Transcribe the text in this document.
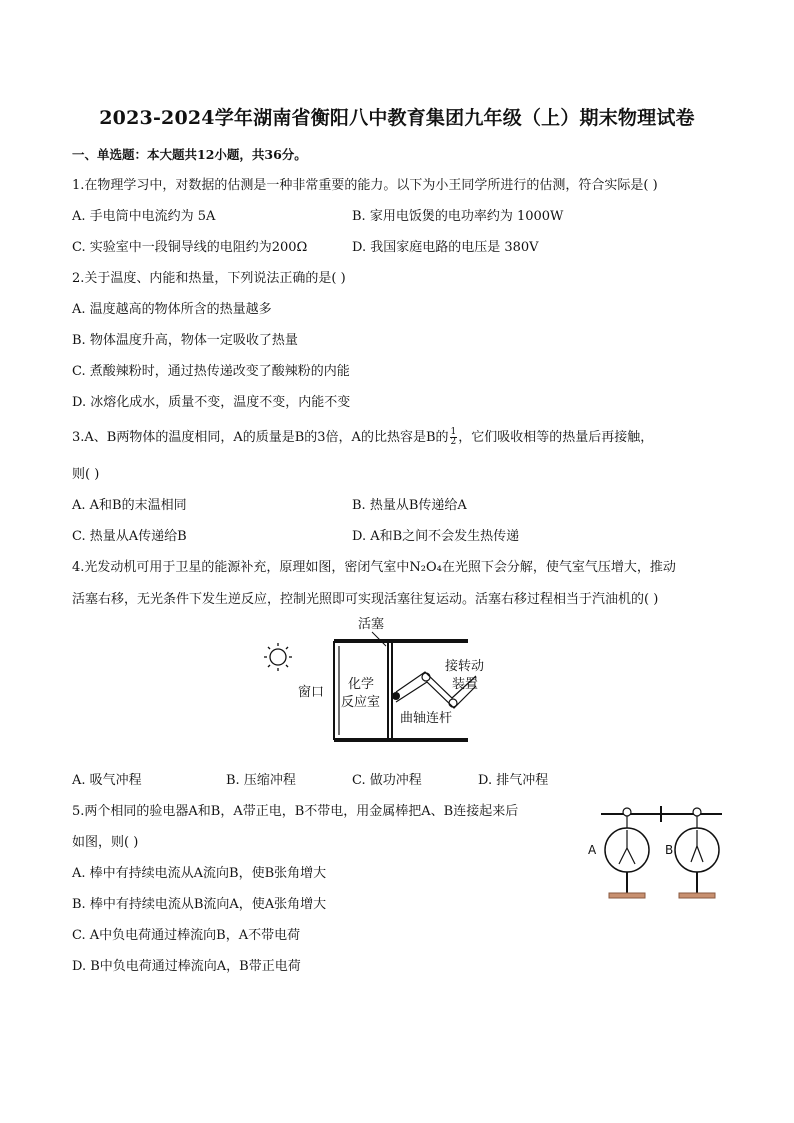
2023-2024学年湖南省衡阳八中教育集团九年级（上）期末物理试卷
一、单选题：本大题共12小题，共36分。
1.在物理学习中，对数据的估测是一种非常重要的能力。以下为小王同学所进行的估测，符合实际是( )
A. 手电筒中电流约为 5A	B. 家用电饭煲的电功率约为 1000W
C. 实验室中一段铜导线的电阻约为200Ω	D. 我国家庭电路的电压是 380V
2.关于温度、内能和热量，下列说法正确的是( )
A. 温度越高的物体所含的热量越多
B. 物体温度升高，物体一定吸收了热量
C. 煮酸辣粉时，通过热传递改变了酸辣粉的内能
D. 冰熔化成水，质量不变，温度不变，内能不变
3.A、B两物体的温度相同，A的质量是B的3倍，A的比热容是B的 $\frac{1}{2}$ ，它们吸收相等的热量后再接触，
则( )
A. A和B的末温相同	B. 热量从B传递给A
C. 热量从A传递给B	D. A和B之间不会发生热传递
4.光发动机可用于卫星的能源补充，原理如图，密闭气室中N₂O₄在光照下会分解，使气室气压增大，推动
活塞右移，无光条件下发生逆反应，控制光照即可实现活塞往复运动。活塞右移过程相当于汽油机的( )
活塞
窗口
化学
反应室
曲轴连杆
接转动
装置
A. 吸气冲程	B. 压缩冲程	C. 做功冲程	D. 排气冲程
5.两个相同的验电器A和B，A带正电，B不带电，用金属棒把A、B连接起来后
如图，则( )	A	B
A. 棒中有持续电流从A流向B，使B张角增大
B. 棒中有持续电流从B流向A，使A张角增大
C. A中负电荷通过棒流向B，A不带电荷
D. B中负电荷通过棒流向A，B带正电荷
